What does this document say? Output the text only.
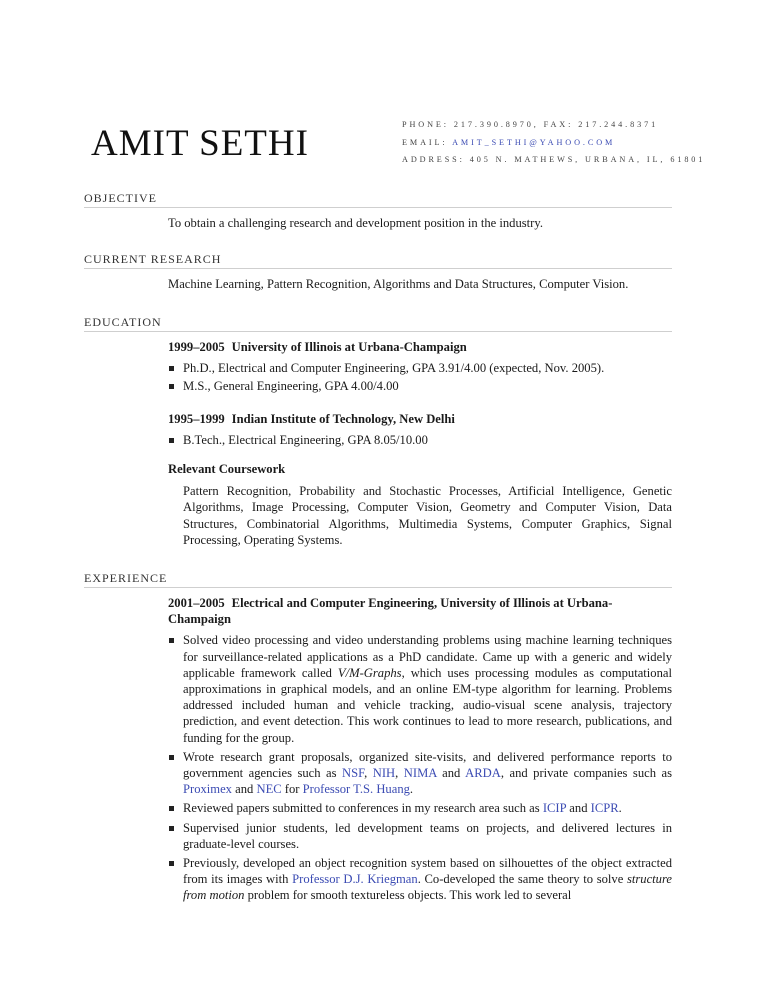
AMIT SETHI	PHONE: 217.390.8970, FAX: 217.244.8371
EMAIL: AMIT_SETHI@YAHOO.COM
ADDRESS: 405 N. MATHEWS, URBANA, IL, 61801
OBJECTIVE
To obtain a challenging research and development position in the industry.
CURRENT RESEARCH
Machine Learning, Pattern Recognition, Algorithms and Data Structures, Computer Vision.
EDUCATION
1999–2005 University of Illinois at Urbana-Champaign
Ph.D., Electrical and Computer Engineering, GPA 3.91/4.00 (expected, Nov. 2005).
M.S., General Engineering, GPA 4.00/4.00
1995–1999 Indian Institute of Technology, New Delhi
B.Tech., Electrical Engineering, GPA 8.05/10.00
Relevant Coursework
Pattern Recognition, Probability and Stochastic Processes, Artificial Intelligence, Genetic Algorithms, Image Processing, Computer Vision, Geometry and Computer Vision, Data Structures, Combinatorial Algorithms, Multimedia Systems, Computer Graphics, Signal Processing, Operating Systems.
EXPERIENCE
2001–2005 Electrical and Computer Engineering, University of Illinois at Urbana-Champaign
Solved video processing and video understanding problems using machine learning techniques for surveillance-related applications as a PhD candidate. Came up with a generic and widely applicable framework called V/M-Graphs, which uses processing modules as computational approximations in graphical models, and an online EM-type algorithm for learning. Problems addressed included human and vehicle tracking, audio-visual scene analysis, trajectory prediction, and event detection. This work continues to lead to more research, publications, and funding for the group.
Wrote research grant proposals, organized site-visits, and delivered performance reports to government agencies such as NSF, NIH, NIMA and ARDA, and private companies such as Proximex and NEC for Professor T.S. Huang.
Reviewed papers submitted to conferences in my research area such as ICIP and ICPR.
Supervised junior students, led development teams on projects, and delivered lectures in graduate-level courses.
Previously, developed an object recognition system based on silhouettes of the object extracted from its images with Professor D.J. Kriegman. Co-developed the same theory to solve structure from motion problem for smooth textureless objects. This work led to several
